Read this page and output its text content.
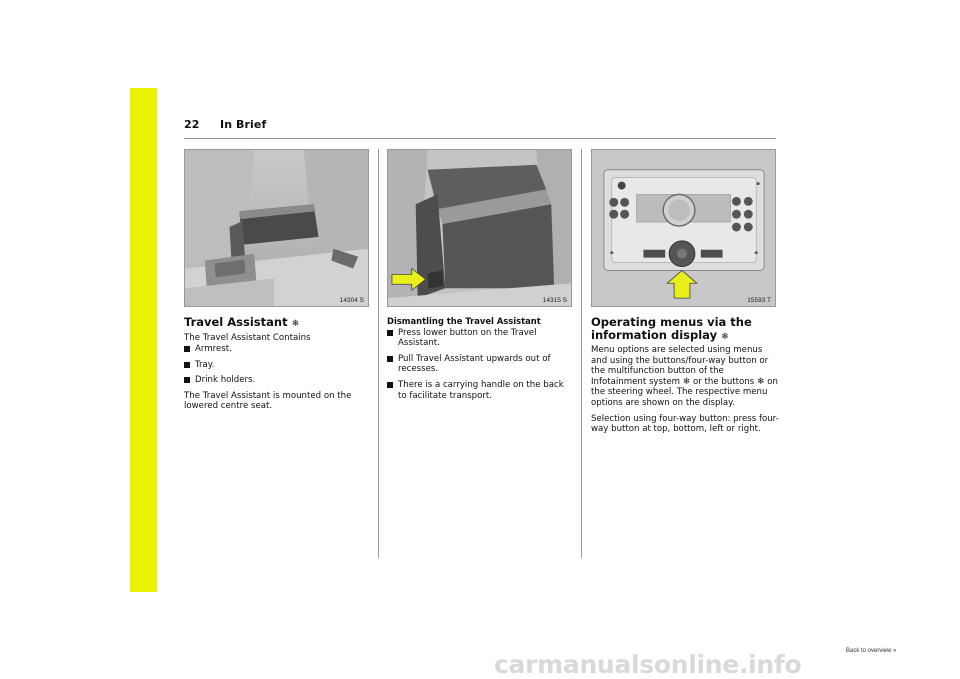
22 In Brief
14304 S	14315 S	15593 T
Travel Assistant ❄

The Travel Assistant Contains

Armrest.
Tray.
Drink holders.

The Travel Assistant is mounted on the lowered centre seat.

Dismantling the Travel Assistant
Press lower button on the Travel Assistant.
Pull Travel Assistant upwards out of recesses.
There is a carrying handle on the back to facilitate transport.
Operating menus via the information display ❄

Menu options are selected using menus and using the buttons/four-way button or the multifunction button of the Infotainment system ❄ or the buttons ❄ on the steering wheel. The respective menu options are shown on the display.

Selection using four-way button: press four-way button at top, bottom, left or right.

Back to overview »
carmanualsonline.info
